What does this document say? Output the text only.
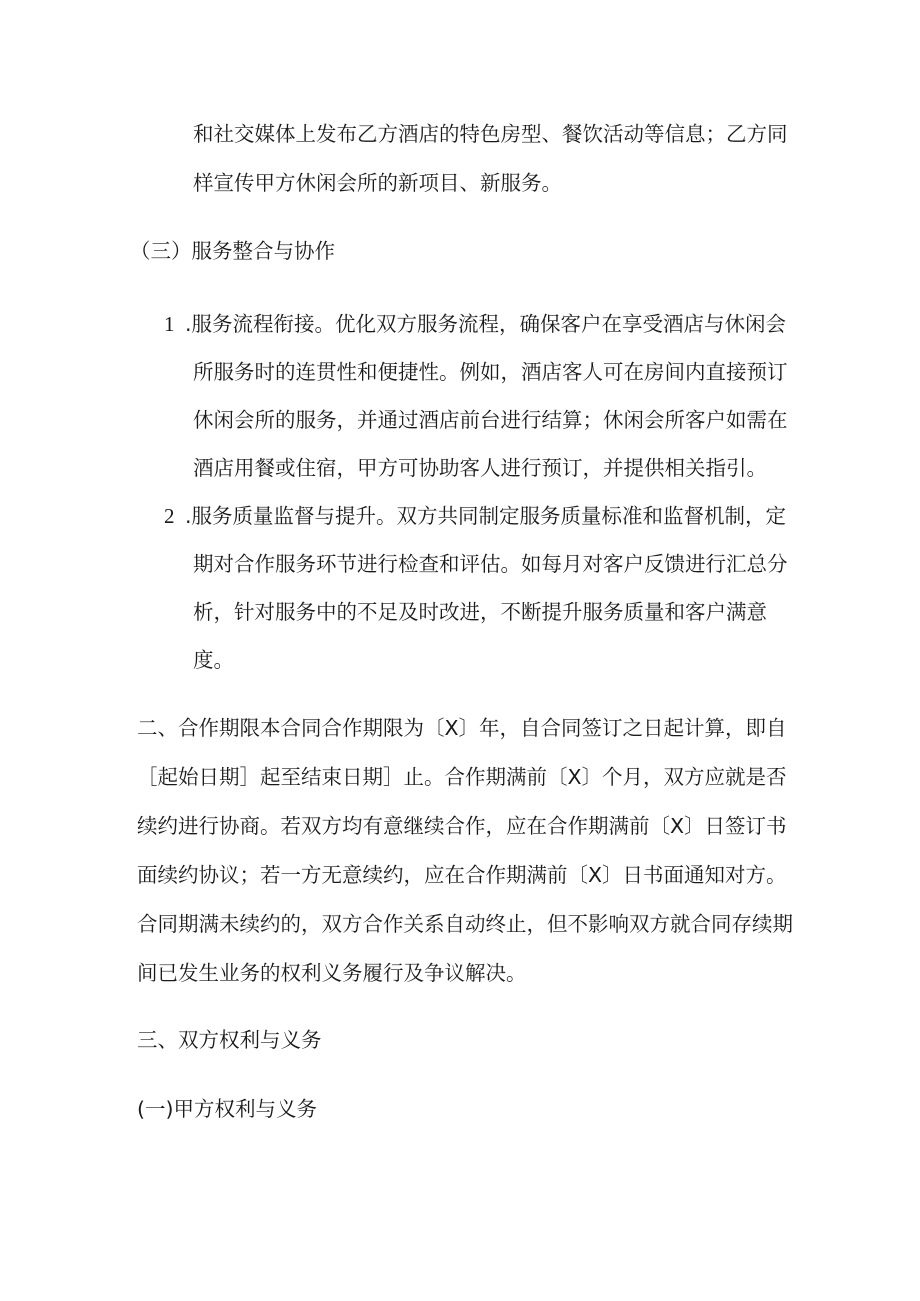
和社交媒体上发布乙方酒店的特色房型、餐饮活动等信息；乙方同

样宣传甲方休闲会所的新项目、新服务。

（三）服务整合与协作

1 .服务流程衔接。优化双方服务流程，确保客户在享受酒店与休闲会

所服务时的连贯性和便捷性。例如，酒店客人可在房间内直接预订

休闲会所的服务，并通过酒店前台进行结算；休闲会所客户如需在

酒店用餐或住宿，甲方可协助客人进行预订，并提供相关指引。

2 .服务质量监督与提升。双方共同制定服务质量标准和监督机制，定

期对合作服务环节进行检查和评估。如每月对客户反馈进行汇总分

析，针对服务中的不足及时改进，不断提升服务质量和客户满意

度。

二、合作期限本合同合作期限为〔X〕年，自合同签订之日起计算，即自

［起始日期］起至结束日期］止。合作期满前〔X〕个月，双方应就是否

续约进行协商。若双方均有意继续合作，应在合作期满前〔X〕日签订书

面续约协议；若一方无意续约，应在合作期满前〔X〕日书面通知对方。

合同期满未续约的，双方合作关系自动终止，但不影响双方就合同存续期

间已发生业务的权利义务履行及争议解决。

三、双方权利与义务

(一)甲方权利与义务
